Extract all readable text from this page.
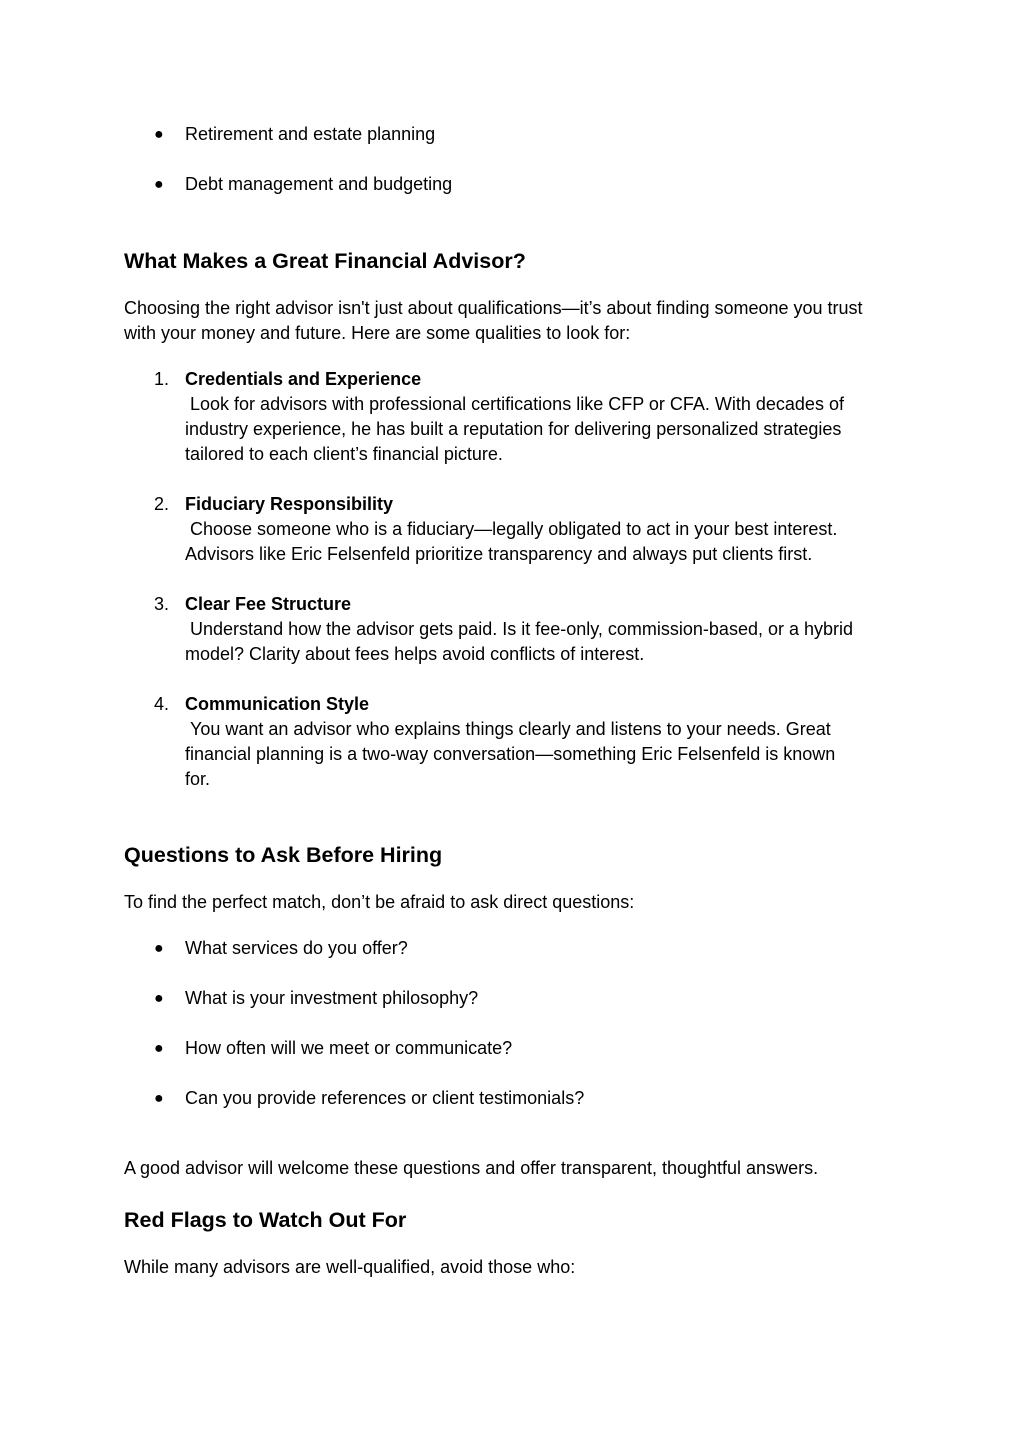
● Retirement and estate planning
● Debt management and budgeting
What Makes a Great Financial Advisor?
Choosing the right advisor isn't just about qualifications—it’s about finding someone you trust
with your money and future. Here are some qualities to look for:
1. Credentials and Experience
Look for advisors with professional certifications like CFP or CFA. With decades of
industry experience, he has built a reputation for delivering personalized strategies
tailored to each client’s financial picture.
2. Fiduciary Responsibility
Choose someone who is a fiduciary—legally obligated to act in your best interest.
Advisors like Eric Felsenfeld prioritize transparency and always put clients first.
3. Clear Fee Structure
Understand how the advisor gets paid. Is it fee-only, commission-based, or a hybrid
model? Clarity about fees helps avoid conflicts of interest.
4. Communication Style
You want an advisor who explains things clearly and listens to your needs. Great
financial planning is a two-way conversation—something Eric Felsenfeld is known
for.
Questions to Ask Before Hiring
To find the perfect match, don’t be afraid to ask direct questions:
● What services do you offer?
● What is your investment philosophy?
● How often will we meet or communicate?
● Can you provide references or client testimonials?
A good advisor will welcome these questions and offer transparent, thoughtful answers.
Red Flags to Watch Out For
While many advisors are well-qualified, avoid those who:
